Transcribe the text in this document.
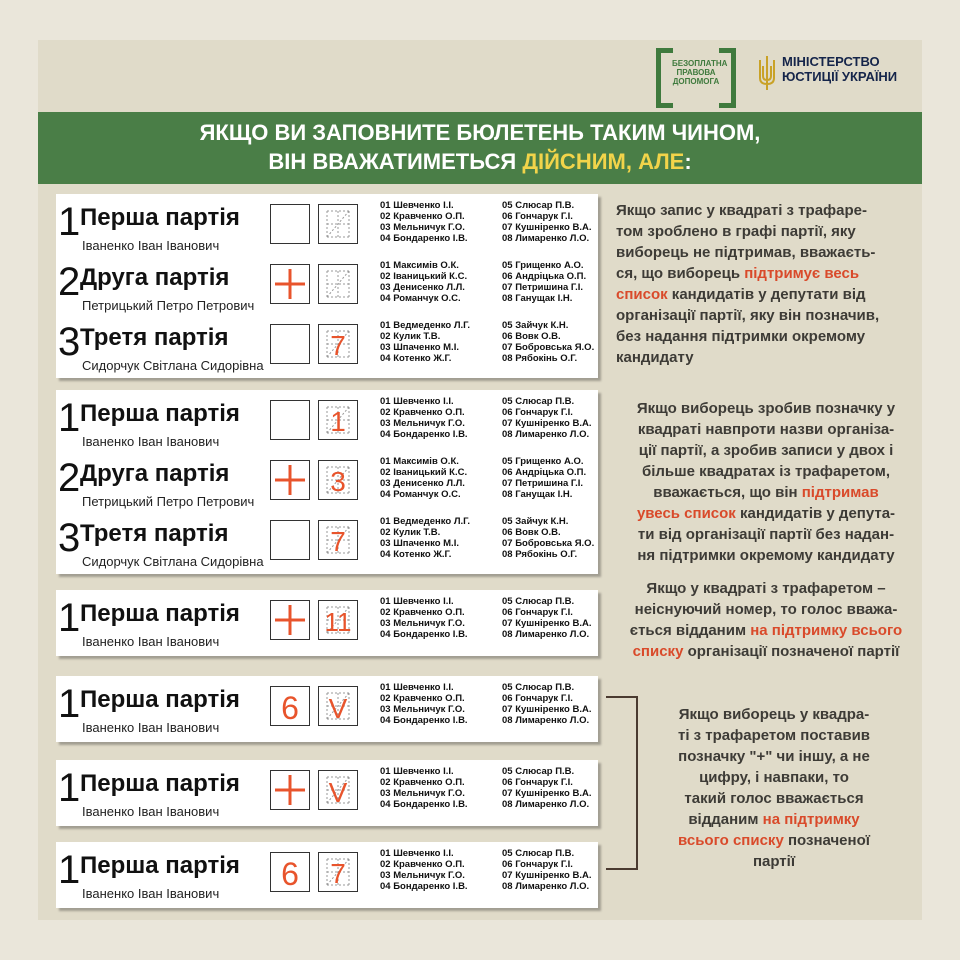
БЕЗОПЛАТНА ПРАВОВА ДОПОМОГА
МІНІСТЕРСТВО
ЮСТИЦІЇ УКРАЇНИ
ЯКЩО ВИ ЗАПОВНИТЕ БЮЛЕТЕНЬ ТАКИМ ЧИНОМ,
ВІН ВВАЖАТИМЕТЬСЯ ДІЙСНИМ, АЛЕ:
1 Перша партія
Іваненко Іван Іванович
01 Шевченко І.І.
02 Кравченко О.П.
03 Мельничук Г.О.
04 Бондаренко І.В.
05 Слюсар П.В.
06 Гончарук Г.І.
07 Кушніренко В.А.
08 Лимаренко Л.О.
2 Друга партія
Петрицький Петро Петрович
01 Максимів О.К.
02 Іваницький К.С.
03 Денисенко Л.Л.
04 Романчук О.С.
05 Грищенко А.О.
06 Андріцька О.П.
07 Петришина Г.І.
08 Ганущак І.Н.
3 Третя партія
Сидорчук Світлана Сидорівна
7
01 Ведмеденко Л.Г.
02 Кулик Т.В.
03 Шпаченко М.І.
04 Котенко Ж.Г.
05 Зайчук К.Н.
06 Вовк О.В.
07 Бобровська Я.О.
08 Рябокінь О.Г.
1 Перша партія
Іваненко Іван Іванович
1
01 Шевченко І.І.
02 Кравченко О.П.
03 Мельничук Г.О.
04 Бондаренко І.В.
05 Слюсар П.В.
06 Гончарук Г.І.
07 Кушніренко В.А.
08 Лимаренко Л.О.
2 Друга партія
Петрицький Петро Петрович
3
01 Максимів О.К.
02 Іваницький К.С.
03 Денисенко Л.Л.
04 Романчук О.С.
05 Грищенко А.О.
06 Андріцька О.П.
07 Петришина Г.І.
08 Ганущак І.Н.
3 Третя партія
Сидорчук Світлана Сидорівна
7
01 Ведмеденко Л.Г.
02 Кулик Т.В.
03 Шпаченко М.І.
04 Котенко Ж.Г.
05 Зайчук К.Н.
06 Вовк О.В.
07 Бобровська Я.О.
08 Рябокінь О.Г.
1 Перша партія
Іваненко Іван Іванович
11
01 Шевченко І.І.
02 Кравченко О.П.
03 Мельничук Г.О.
04 Бондаренко І.В.
05 Слюсар П.В.
06 Гончарук Г.І.
07 Кушніренко В.А.
08 Лимаренко Л.О.
1 Перша партія
Іваненко Іван Іванович
6 V
01 Шевченко І.І.
02 Кравченко О.П.
03 Мельничук Г.О.
04 Бондаренко І.В.
05 Слюсар П.В.
06 Гончарук Г.І.
07 Кушніренко В.А.
08 Лимаренко Л.О.
1 Перша партія
Іваненко Іван Іванович
V
01 Шевченко І.І.
02 Кравченко О.П.
03 Мельничук Г.О.
04 Бондаренко І.В.
05 Слюсар П.В.
06 Гончарук Г.І.
07 Кушніренко В.А.
08 Лимаренко Л.О.
1 Перша партія
Іваненко Іван Іванович
6 7
01 Шевченко І.І.
02 Кравченко О.П.
03 Мельничук Г.О.
04 Бондаренко І.В.
05 Слюсар П.В.
06 Гончарук Г.І.
07 Кушніренко В.А.
08 Лимаренко Л.О.
Якщо запис у квадраті з трафаре-
том зроблено в графі партії, яку
виборець не підтримав, вважаєть-
ся, що виборець підтримує весь
список кандидатів у депутати від
організації партії, яку він позначив,
без надання підтримки окремому
кандидату
Якщо виборець зробив позначку у
квадраті навпроти назви організа-
ції партії, а зробив записи у двох і
більше квадратах із трафаретом,
вважається, що він підтримав
увесь список кандидатів у депута-
ти від організації партії без надан-
ня підтримки окремому кандидату
Якщо у квадраті з трафаретом –
неіснуючий номер, то голос вважа-
ється відданим на підтримку всього
списку організації позначеної партії
Якщо виборець у квадра-
ті з трафаретом поставив
позначку "+" чи іншу, а не
цифру, і навпаки, то
такий голос вважається
відданим на підтримку
всього списку позначеної
партії
